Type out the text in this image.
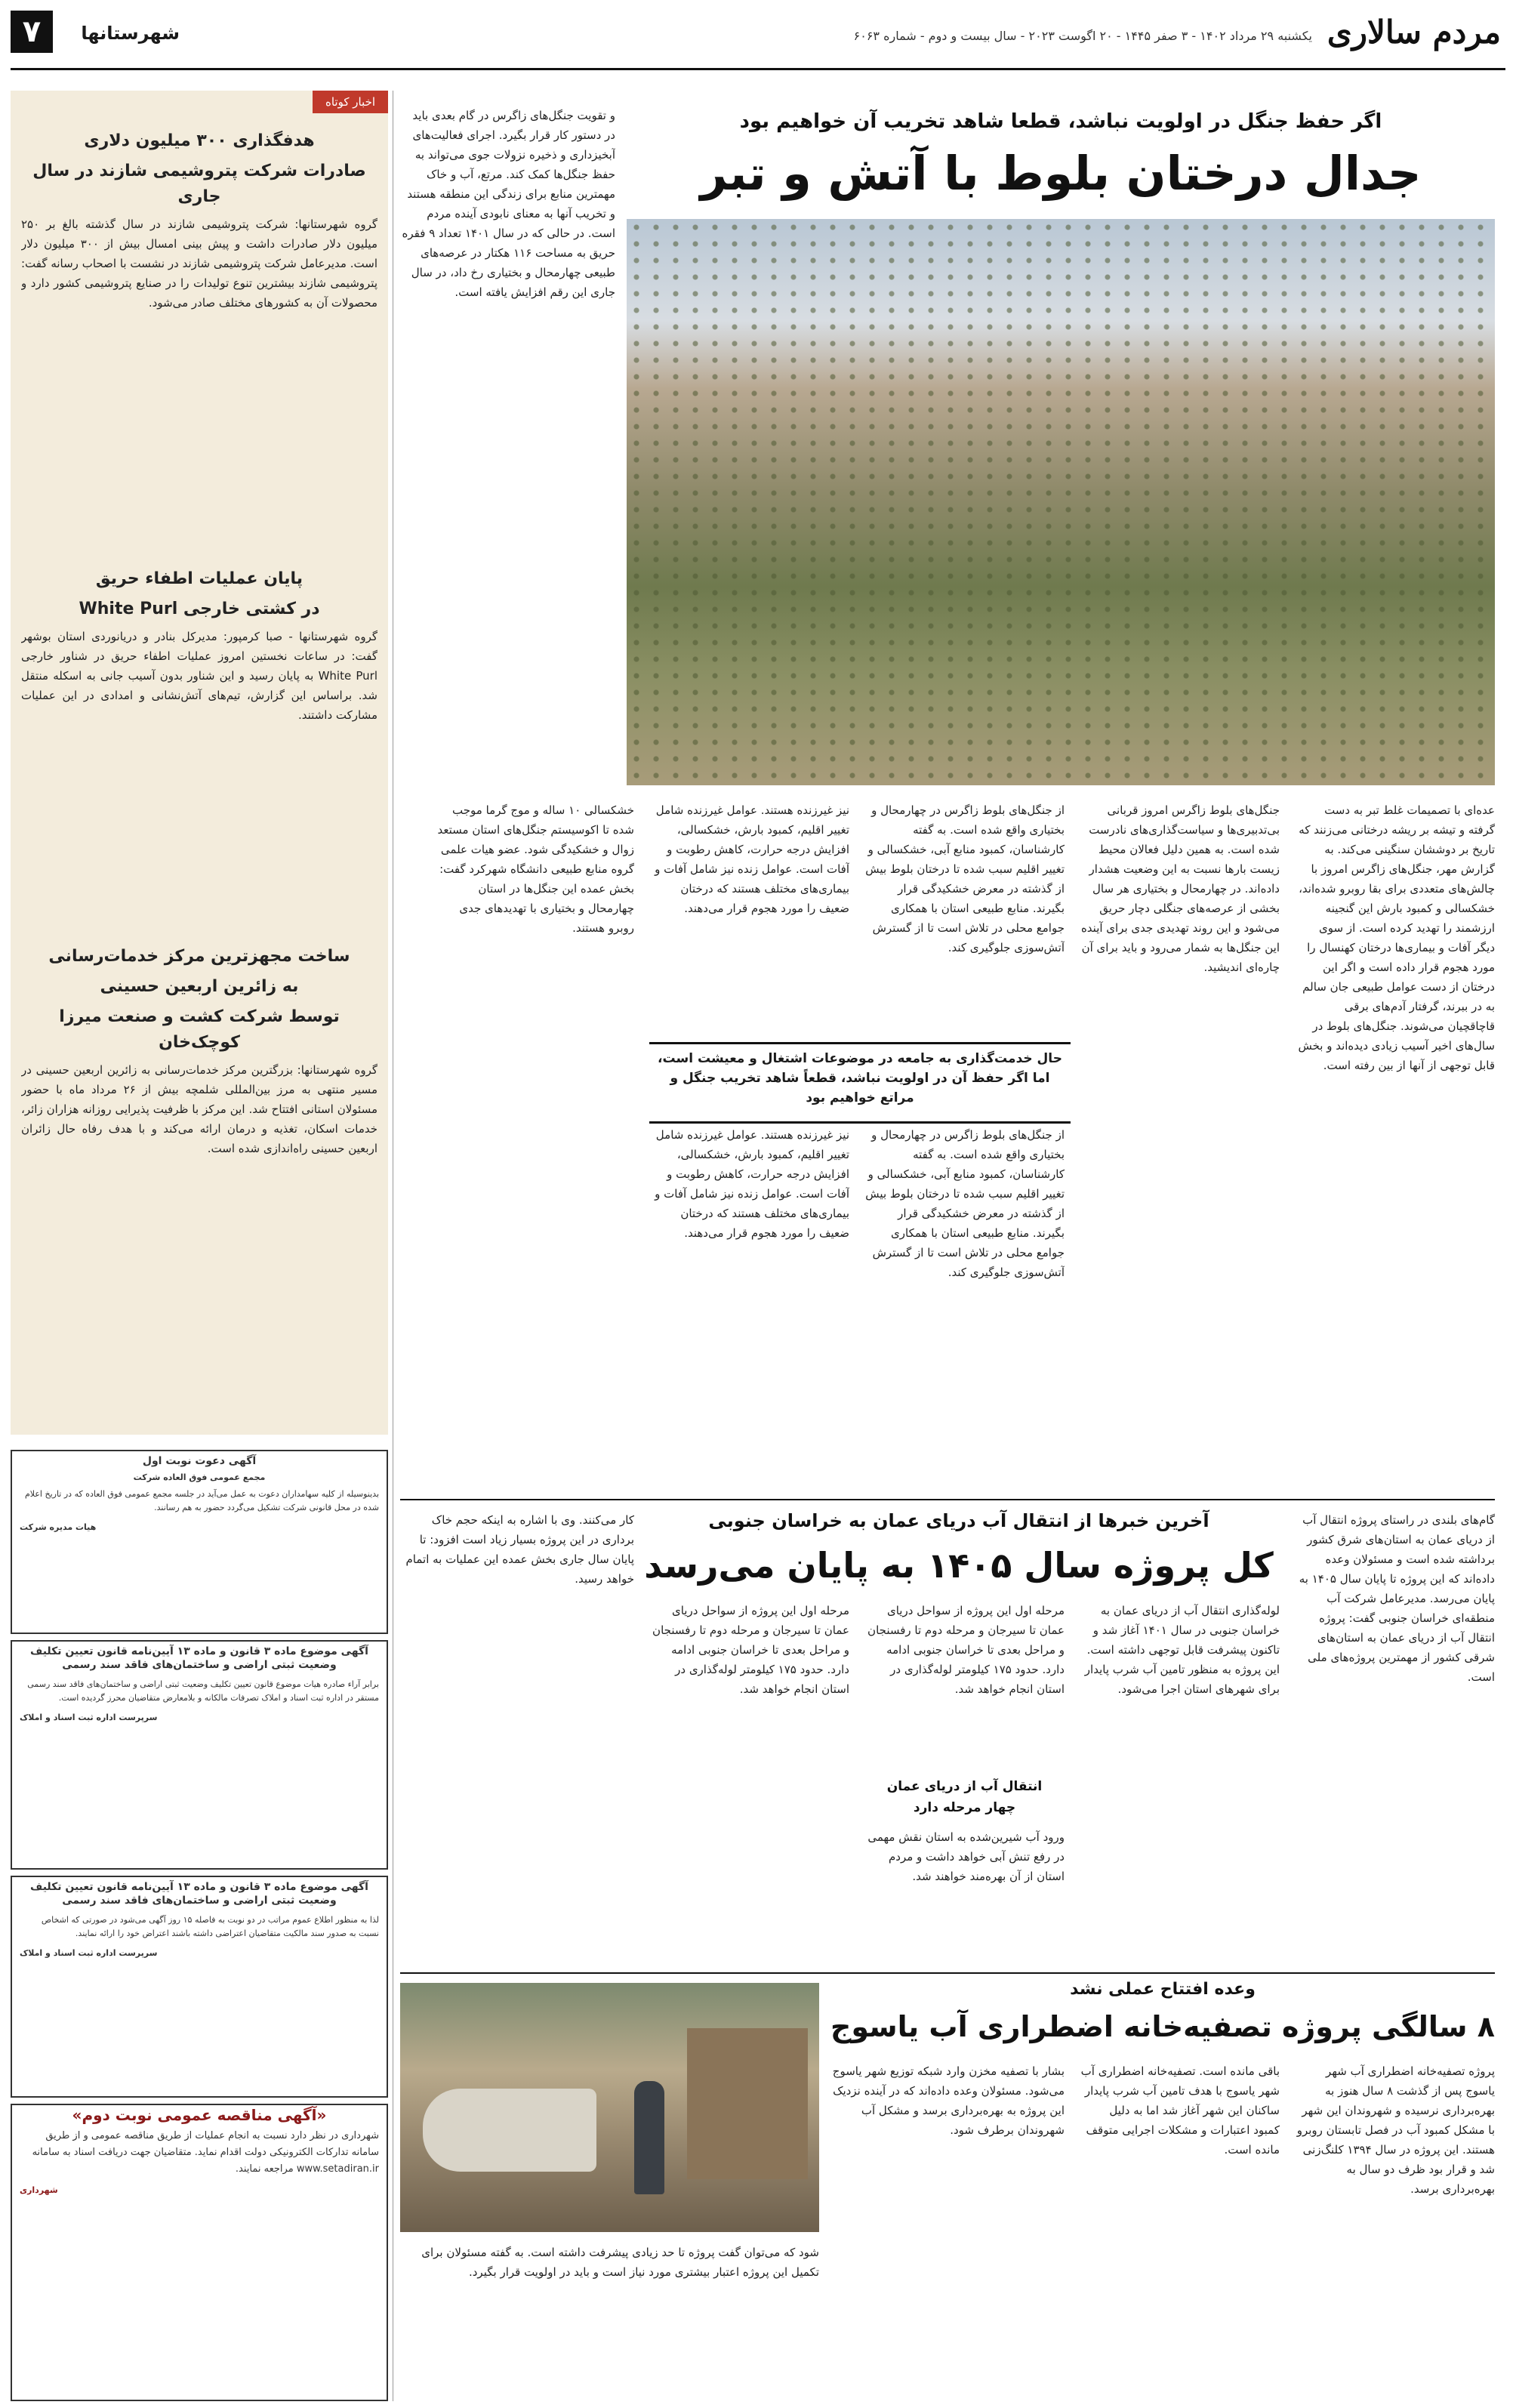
مردم سالاری
یکشنبه ۲۹ مرداد ۱۴۰۲ - ۳ صفر ۱۴۴۵ - ۲۰ اگوست ۲۰۲۳ - سال بیست و دوم - شماره ۶۰۶۳
شهرستانها
۷
اخبار کوتاه
هدفگذاری ۳۰۰ میلیون دلاری
صادرات شرکت پتروشیمی شازند در سال جاری

گروه شهرستانها: شرکت پتروشیمی شازند در سال گذشته بالغ بر ۲۵۰ میلیون دلار صادرات داشت و پیش بینی امسال بیش از ۳۰۰ میلیون دلار است. مدیرعامل شرکت پتروشیمی شازند در نشست با اصحاب رسانه گفت: پتروشیمی شازند بیشترین تنوع تولیدات را در صنایع پتروشیمی کشور دارد و محصولات آن به کشورهای مختلف صادر می‌شود.

پایان عملیات اطفاء حریق
در کشتی خارجی White Purl

گروه شهرستانها - صبا کرمپور: مدیرکل بنادر و دریانوردی استان بوشهر گفت: در ساعات نخستین امروز عملیات اطفاء حریق در شناور خارجی White Purl به پایان رسید و این شناور بدون آسیب جانی به اسکله منتقل شد. براساس این گزارش، تیم‌های آتش‌نشانی و امدادی در این عملیات مشارکت داشتند.

ساخت مجهزترین مرکز خدمات‌رسانی
به زائرین اربعین حسینی
توسط شرکت کشت و صنعت میرزا کوچک‌خان

گروه شهرستانها: بزرگترین مرکز خدمات‌رسانی به زائرین اربعین حسینی در مسیر منتهی به مرز بین‌المللی شلمچه بیش از ۲۶ مرداد ماه با حضور مسئولان استانی افتتاح شد. این مرکز با ظرفیت پذیرایی روزانه هزاران زائر، خدمات اسکان، تغذیه و درمان ارائه می‌کند و با هدف رفاه حال زائران اربعین حسینی راه‌اندازی شده است.

آگهی دعوت نوبت اول
مجمع عمومی فوق العاده شرکت
بدینوسیله از کلیه سهامداران دعوت به عمل می‌آید در جلسه مجمع عمومی فوق العاده که در تاریخ اعلام شده در محل قانونی شرکت تشکیل می‌گردد حضور به هم رسانند.
هیات مدیره شرکت
آگهی موضوع ماده ۳ قانون و ماده ۱۳ آیین‌نامه قانون تعیین تکلیف وضعیت ثبتی اراضی و ساختمان‌های فاقد سند رسمی
برابر آراء صادره هیات موضوع قانون تعیین تکلیف وضعیت ثبتی اراضی و ساختمان‌های فاقد سند رسمی مستقر در اداره ثبت اسناد و املاک تصرفات مالکانه و بلامعارض متقاضیان محرز گردیده است.
سرپرست اداره ثبت اسناد و املاک
آگهی موضوع ماده ۳ قانون و ماده ۱۳ آیین‌نامه قانون تعیین تکلیف وضعیت ثبتی اراضی و ساختمان‌های فاقد سند رسمی
لذا به منظور اطلاع عموم مراتب در دو نوبت به فاصله ۱۵ روز آگهی می‌شود در صورتی که اشخاص نسبت به صدور سند مالکیت متقاضیان اعتراضی داشته باشند اعتراض خود را ارائه نمایند.
سرپرست اداره ثبت اسناد و املاک
«آگهی مناقصه عمومی نوبت دوم»
شهرداری در نظر دارد نسبت به انجام عملیات از طریق مناقصه عمومی و از طریق سامانه تدارکات الکترونیکی دولت اقدام نماید. متقاضیان جهت دریافت اسناد به سامانه www.setadiran.ir مراجعه نمایند.
شهرداری
اگر حفظ جنگل در اولویت نباشد، قطعا شاهد تخریب آن خواهیم بود
جدال درختان بلوط با آتش و تبر
و تقویت جنگل‌های زاگرس در گام بعدی باید در دستور کار قرار بگیرد. اجرای فعالیت‌های آبخیزداری و ذخیره نزولات جوی می‌تواند به حفظ جنگل‌ها کمک کند. مرتع، آب و خاک مهمترین منابع برای زندگی این منطقه هستند و تخریب آنها به معنای نابودی آینده مردم است. در حالی که در سال ۱۴۰۱ تعداد ۹ فقره حریق به مساحت ۱۱۶ هکتار در عرصه‌های طبیعی چهارمحال و بختیاری رخ داد، در سال جاری این رقم افزایش یافته است.
عده‌ای با تصمیمات غلط تبر به دست گرفته و تیشه بر ریشه درختانی می‌زنند که تاریخ بر دوششان سنگینی می‌کند. به گزارش مهر، جنگل‌های زاگرس امروز با چالش‌های متعددی برای بقا روبرو شده‌اند، خشکسالی و کمبود بارش این گنجینه ارزشمند را تهدید کرده است. از سوی دیگر آفات و بیماری‌ها درختان کهنسال را مورد هجوم قرار داده است و اگر این درختان از دست عوامل طبیعی جان سالم به در ببرند، گرفتار آدم‌های برقی قاچاقچیان می‌شوند. جنگل‌های بلوط در سال‌های اخیر آسیب زیادی دیده‌اند و بخش قابل توجهی از آنها از بین رفته است.
جنگل‌های بلوط زاگرس امروز قربانی بی‌تدبیری‌ها و سیاست‌گذاری‌های نادرست شده است. به همین دلیل فعالان محیط زیست بارها نسبت به این وضعیت هشدار داده‌اند. در چهارمحال و بختیاری هر سال بخشی از عرصه‌های جنگلی دچار حریق می‌شود و این روند تهدیدی جدی برای آینده این جنگل‌ها به شمار می‌رود و باید برای آن چاره‌ای اندیشید.
از جنگل‌های بلوط زاگرس در چهارمحال و بختیاری واقع شده است. به گفته کارشناسان، کمبود منابع آبی، خشکسالی و تغییر اقلیم سبب شده تا درختان بلوط بیش از گذشته در معرض خشکیدگی قرار بگیرند. منابع طبیعی استان با همکاری جوامع محلی در تلاش است تا از گسترش آتش‌سوزی جلوگیری کند.
نیز غیرزنده هستند. عوامل غیرزنده شامل تغییر اقلیم، کمبود بارش، خشکسالی، افزایش درجه حرارت، کاهش رطوبت و آفات است. عوامل زنده نیز شامل آفات و بیماری‌های مختلف هستند که درختان ضعیف را مورد هجوم قرار می‌دهند.
خشکسالی ۱۰ ساله و موج گرما موجب شده تا اکوسیستم جنگل‌های استان مستعد زوال و خشکیدگی شود. عضو هیات علمی گروه منابع طبیعی دانشگاه شهرکرد گفت: بخش عمده این جنگل‌ها در استان چهارمحال و بختیاری با تهدیدهای جدی روبرو هستند.
حال خدمت‌گذاری به جامعه در موضوعات اشتغال و معیشت است، اما اگر حفظ آن در اولویت نباشد، قطعاً شاهد تخریب جنگل و مراتع خواهیم بود
از جنگل‌های بلوط زاگرس در چهارمحال و بختیاری واقع شده است. به گفته کارشناسان، کمبود منابع آبی، خشکسالی و تغییر اقلیم سبب شده تا درختان بلوط بیش از گذشته در معرض خشکیدگی قرار بگیرند. منابع طبیعی استان با همکاری جوامع محلی در تلاش است تا از گسترش آتش‌سوزی جلوگیری کند.
نیز غیرزنده هستند. عوامل غیرزنده شامل تغییر اقلیم، کمبود بارش، خشکسالی، افزایش درجه حرارت، کاهش رطوبت و آفات است. عوامل زنده نیز شامل آفات و بیماری‌های مختلف هستند که درختان ضعیف را مورد هجوم قرار می‌دهند.
آخرین خبرها از انتقال آب دریای عمان به خراسان جنوبی
کل پروژه سال ۱۴۰۵ به پایان می‌رسد
گام‌های بلندی در راستای پروژه انتقال آب از دریای عمان به استان‌های شرق کشور برداشته شده است و مسئولان وعده داده‌اند که این پروژه تا پایان سال ۱۴۰۵ به پایان می‌رسد. مدیرعامل شرکت آب منطقه‌ای خراسان جنوبی گفت: پروژه انتقال آب از دریای عمان به استان‌های شرقی کشور از مهمترین پروژه‌های ملی است.
لوله‌گذاری انتقال آب از دریای عمان به خراسان جنوبی در سال ۱۴۰۱ آغاز شد و تاکنون پیشرفت قابل توجهی داشته است. این پروژه به منظور تامین آب شرب پایدار برای شهرهای استان اجرا می‌شود.
مرحله اول این پروژه از سواحل دریای عمان تا سیرجان و مرحله دوم تا رفسنجان و مراحل بعدی تا خراسان جنوبی ادامه دارد. حدود ۱۷۵ کیلومتر لوله‌گذاری در استان انجام خواهد شد.
انتقال آب از دریای عمان
چهار مرحله دارد
ورود آب شیرین‌شده به استان نقش مهمی در رفع تنش آبی خواهد داشت و مردم استان از آن بهره‌مند خواهند شد.
مرحله اول این پروژه از سواحل دریای عمان تا سیرجان و مرحله دوم تا رفسنجان و مراحل بعدی تا خراسان جنوبی ادامه دارد. حدود ۱۷۵ کیلومتر لوله‌گذاری در استان انجام خواهد شد.
کار می‌کنند. وی با اشاره به اینکه حجم خاک برداری در این پروژه بسیار زیاد است افزود: تا پایان سال جاری بخش عمده این عملیات به اتمام خواهد رسید.
وعده افتتاح عملی نشد
۸ سالگی پروژه تصفیه‌خانه اضطراری آب یاسوج
پروژه تصفیه‌خانه اضطراری آب شهر یاسوج پس از گذشت ۸ سال هنوز به بهره‌برداری نرسیده و شهروندان این شهر با مشکل کمبود آب در فصل تابستان روبرو هستند. این پروژه در سال ۱۳۹۴ کلنگ‌زنی شد و قرار بود ظرف دو سال به بهره‌برداری برسد.
باقی مانده است. تصفیه‌خانه اضطراری آب شهر یاسوج با هدف تامین آب شرب پایدار ساکنان این شهر آغاز شد اما به دلیل کمبود اعتبارات و مشکلات اجرایی متوقف مانده است.
بشار با تصفیه مخزن وارد شبکه توزیع شهر یاسوج می‌شود. مسئولان وعده داده‌اند که در آینده نزدیک این پروژه به بهره‌برداری برسد و مشکل آب شهروندان برطرف شود.
شود که می‌توان گفت پروژه تا حد زیادی پیشرفت داشته است. به گفته مسئولان برای تکمیل این پروژه اعتبار بیشتری مورد نیاز است و باید در اولویت قرار بگیرد.
